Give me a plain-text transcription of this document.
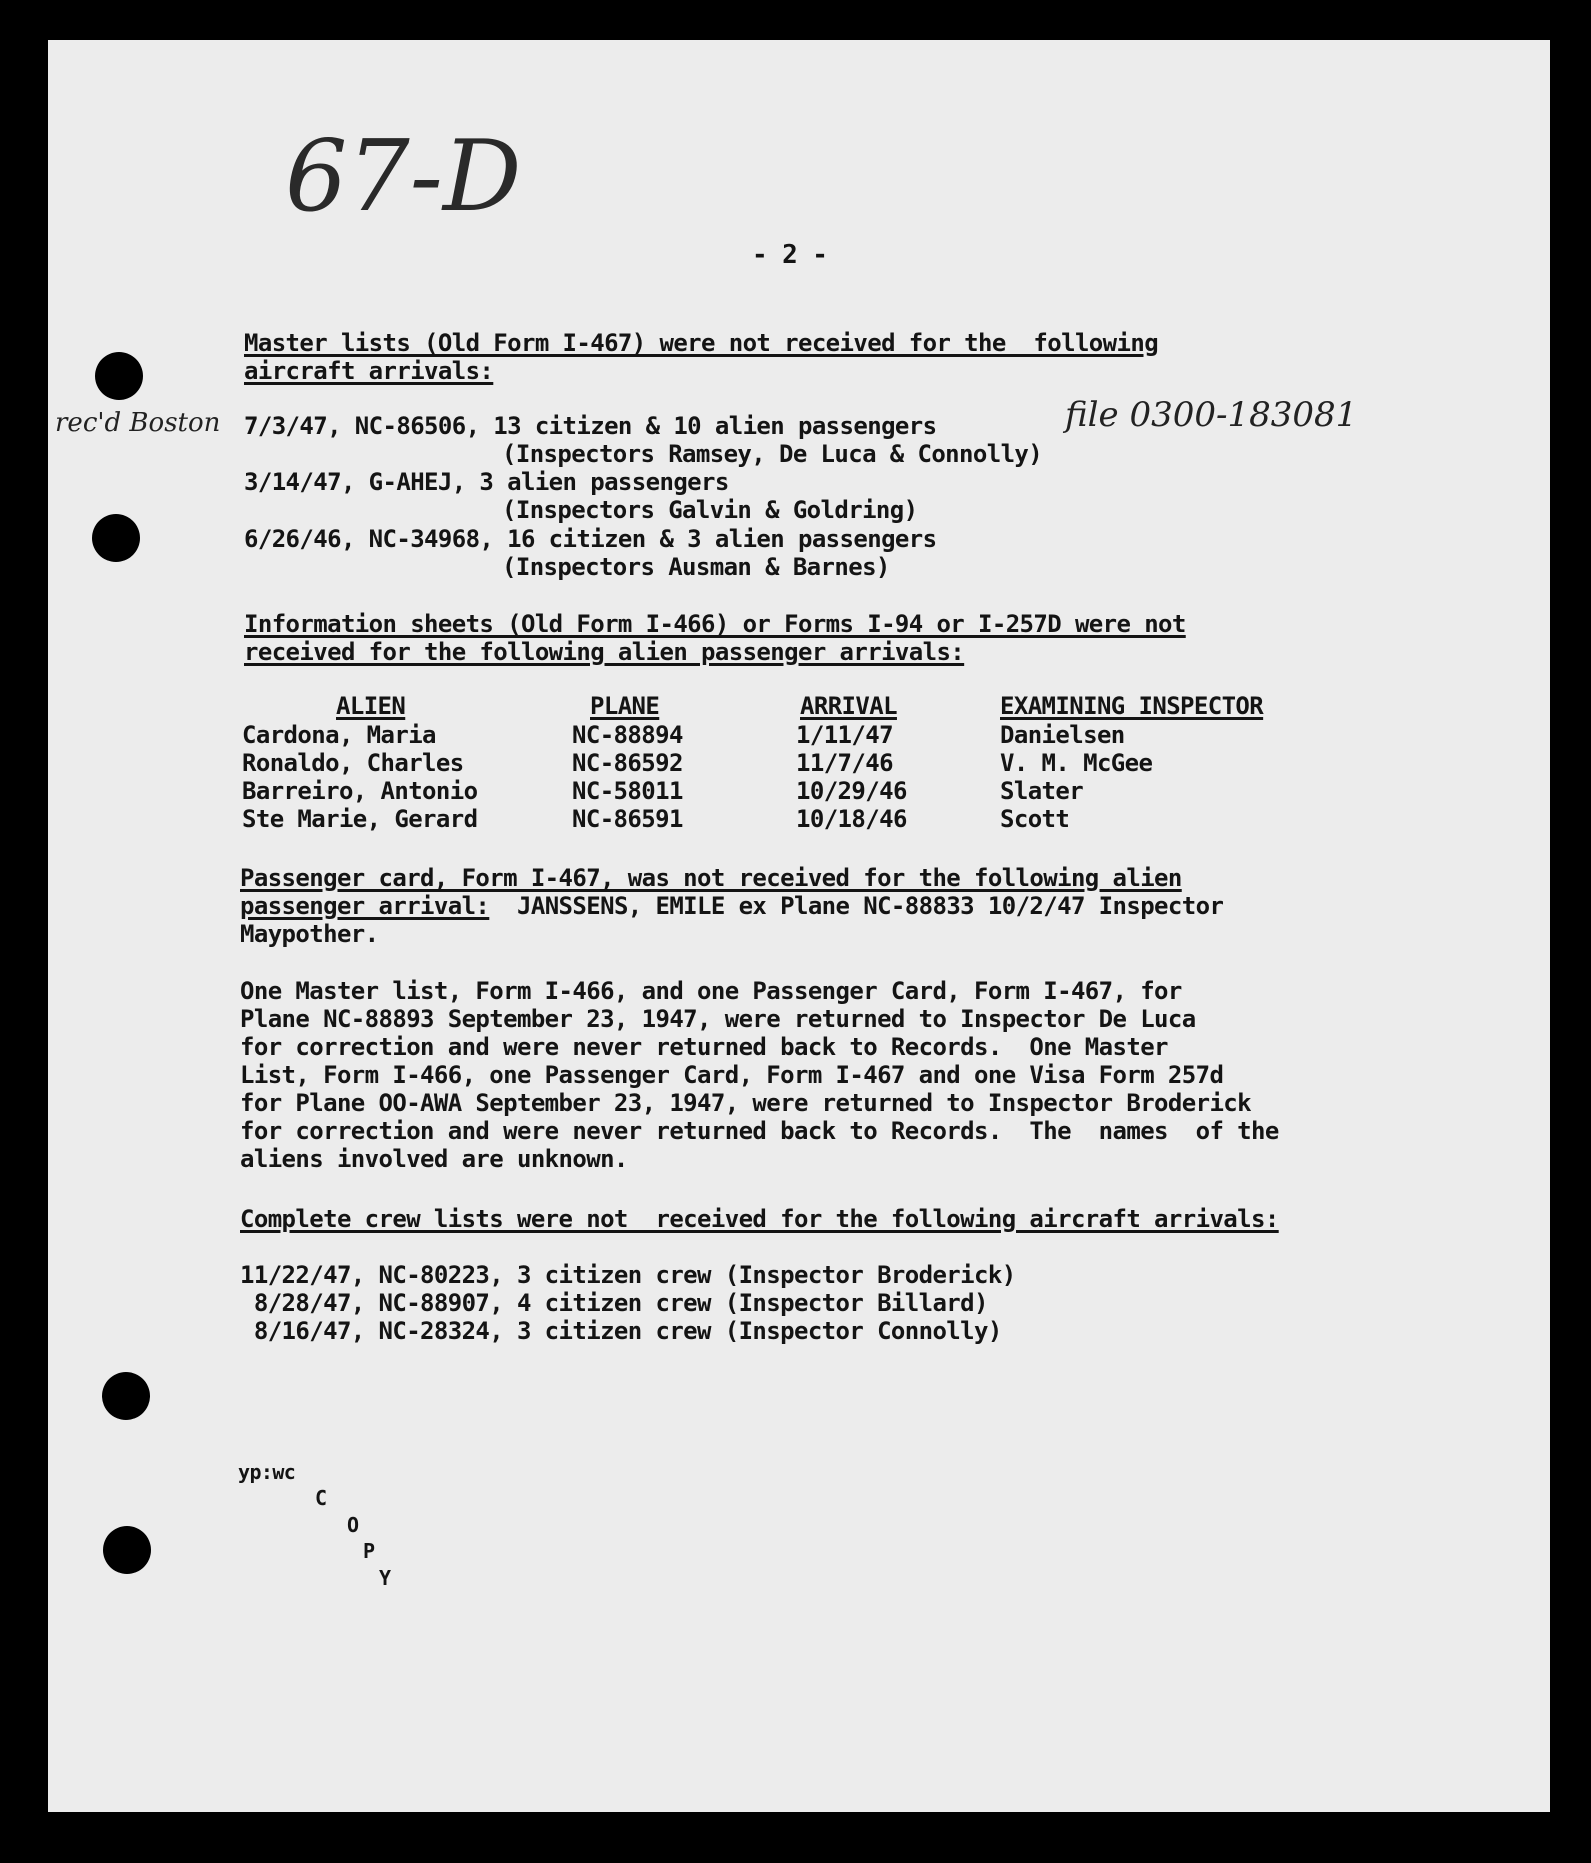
67-D
rec'd Boston	file 0300-183081
- 2 -
Master lists (Old Form I-467) were not received for the  following
aircraft arrivals:
7/3/47, NC-86506, 13 citizen & 10 alien passengers
(Inspectors Ramsey, De Luca & Connolly)
3/14/47, G-AHEJ, 3 alien passengers
(Inspectors Galvin & Goldring)
6/26/46, NC-34968, 16 citizen & 3 alien passengers
(Inspectors Ausman & Barnes)
Information sheets (Old Form I-466) or Forms I-94 or I-257D were not
received for the following alien passenger arrivals:
ALIEN	PLANE	ARRIVAL	EXAMINING INSPECTOR
Cardona, Maria	NC-88894	1/11/47	Danielsen
Ronaldo, Charles	NC-86592	11/7/46	V. M. McGee
Barreiro, Antonio	NC-58011	10/29/46	Slater
Ste Marie, Gerard	NC-86591	10/18/46	Scott
Passenger card, Form I-467, was not received for the following alien
passenger arrival:  JANSSENS, EMILE ex Plane NC-88833 10/2/47 Inspector
Maypother.
One Master list, Form I-466, and one Passenger Card, Form I-467, for
Plane NC-88893 September 23, 1947, were returned to Inspector De Luca
for correction and were never returned back to Records.  One Master
List, Form I-466, one Passenger Card, Form I-467 and one Visa Form 257d
for Plane OO-AWA September 23, 1947, were returned to Inspector Broderick
for correction and were never returned back to Records.  The  names  of the
aliens involved are unknown.
Complete crew lists were not  received for the following aircraft arrivals:
11/22/47, NC-80223, 3 citizen crew (Inspector Broderick)
8/28/47, NC-88907, 4 citizen crew (Inspector Billard)
8/16/47, NC-28324, 3 citizen crew (Inspector Connolly)
yp:wc
C
O
P
Y
